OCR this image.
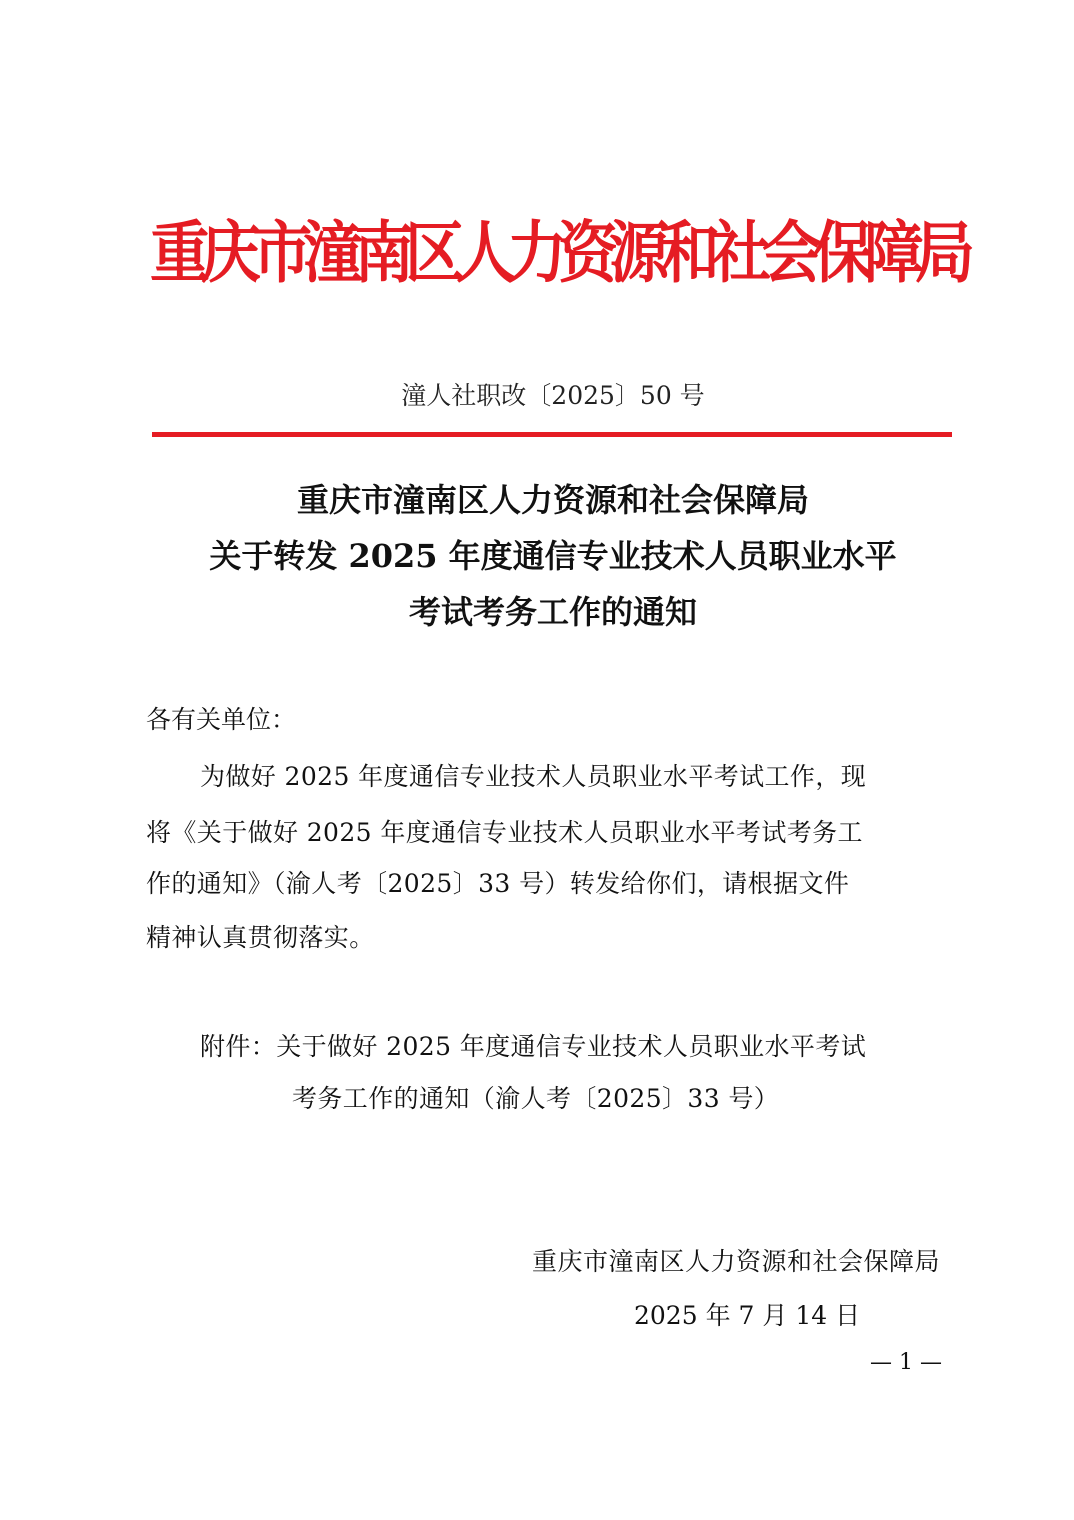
重庆市潼南区人力资源和社会保障局
潼人社职改〔2025〕50 号
重庆市潼南区人力资源和社会保障局
关于转发 2025 年度通信专业技术人员职业水平
考试考务工作的通知
各有关单位：
为做好 2025 年度通信专业技术人员职业水平考试工作，现
将《关于做好 2025 年度通信专业技术人员职业水平考试考务工
作的通知》（渝人考〔2025〕33 号）转发给你们，请根据文件
精神认真贯彻落实。
附件：关于做好 2025 年度通信专业技术人员职业水平考试
考务工作的通知（渝人考〔2025〕33 号）
重庆市潼南区人力资源和社会保障局
2025 年 7 月 14 日
— 1 —
